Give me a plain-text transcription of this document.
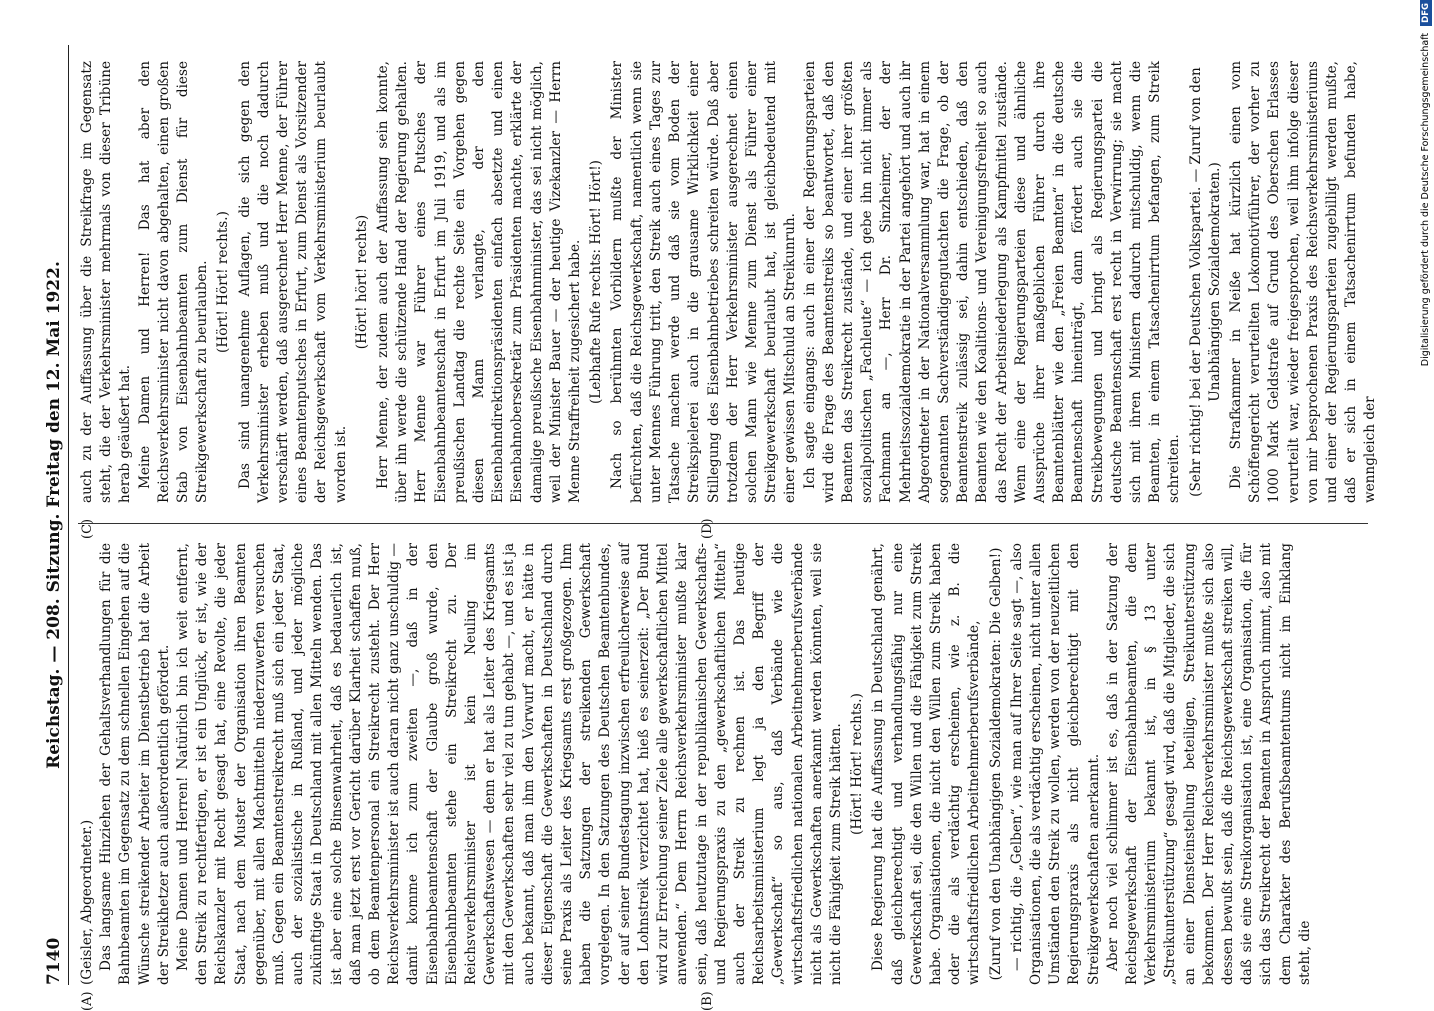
7140
Reichstag. — 208. Sitzung. Freitag den 12. Mai 1922.
(A)	(B)
(C)	(D)

(Geisler, Abgeordneter.) Das langsame Hinziehen der Gehaltsverhandlungen für die Bahnbeamten im Gegensatz zu dem schnellen Eingehen auf die Wünsche streikender Arbeiter im Dienstbetrieb hat die Arbeit der Streikhetzer auch außerordentlich gefördert. Meine Damen und Herren! Natürlich bin ich weit entfernt, den Streik zu rechtfertigen, er ist ein Unglück, er ist, wie der Reichskanzler mit Recht gesagt hat, eine Revolte, die jeder Staat, nach dem Muster der Organisation ihren Beamten gegenüber, mit allen Machtmitteln niederzuwerfen versuchen muß. Gegen ein Beamtenstreikrecht muß sich ein jeder Staat, auch der sozialistische in Rußland, und jeder mögliche zukünftige Staat in Deutschland mit allen Mitteln wenden. Das ist aber eine solche Binsenwahrheit, daß es bedauerlich ist, daß man jetzt erst vor Gericht darüber Klarheit schaffen muß, ob dem Beamtenpersonal ein Streikrecht zusteht. Der Herr Reichsverkehrsminister ist auch daran nicht ganz unschuldig — damit komme ich zum zweiten —, daß in der Eisenbahnbeamtenschaft der Glaube groß wurde, den Eisenbahnbeamten stehe ein Streikrecht zu. Der Reichsverkehrsminister ist kein Neuling im Gewerkschaftswesen — denn er hat als Leiter des Kriegsamts mit den Gewerkschaften sehr viel zu tun gehabt —, und es ist ja auch bekannt, daß man ihm den Vorwurf macht, er hätte in dieser Eigenschaft die Gewerkschaften in Deutschland durch seine Praxis als Leiter des Kriegsamts erst großgezogen. Ihm haben die Satzungen der streikenden Gewerkschaft vorgelegen. In den Satzungen des Deutschen Beamtenbundes, der auf seiner Bundestagung inzwischen erfreulicherweise auf den Lohnstreik verzichtet hat, hieß es seinerzeit: „Der Bund wird zur Erreichung seiner Ziele alle gewerkschaftlichen Mittel anwenden.“ Dem Herrn Reichsverkehrsminister mußte klar sein, daß heutzutage in der republikanischen Gewerkschafts- und Regierungspraxis zu den „gewerkschaftlichen Mitteln“ auch der Streik zu rechnen ist. Das heutige Reichsarbeitsministerium legt ja den Begriff der „Gewerkschaft“ so aus, daß Verbände wie die wirtschaftsfriedlichen nationalen Arbeitnehmerberufsverbände nicht als Gewerkschaften anerkannt werden könnten, weil sie nicht die Fähigkeit zum Streik hätten. (Hört! Hört! rechts.) Diese Regierung hat die Auffassung in Deutschland genährt, daß gleichberechtigt und verhandlungsfähig nur eine Gewerkschaft sei, die den Willen und die Fähigkeit zum Streik habe. Organisationen, die nicht den Willen zum Streik haben oder die als verdächtig erscheinen, wie z. B. die wirtschaftsfriedlichen Arbeitnehmerberufsverbände, (Zuruf von den Unabhängigen Sozialdemokraten: Die Gelben!) — richtig, die „Gelben“, wie man auf Ihrer Seite sagt —, also Organisationen, die als verdächtig erscheinen, nicht unter allen Umständen den Streik zu wollen, werden von der neuzeitlichen Regierungspraxis als nicht gleichberechtigt mit den Streikgewerkschaften anerkannt. Aber noch viel schlimmer ist es, daß in der Satzung der Reichsgewerkschaft der Eisenbahnbeamten, die dem Verkehrsministerium bekannt ist, in § 13 unter „Streikunterstützung“ gesagt wird, daß die Mitglieder, die sich an einer Diensteinstellung beteiligen, Streikunterstützung bekommen. Der Herr Reichsverkehrsminister mußte sich also dessen bewußt sein, daß die Reichsgewerkschaft streiken will, daß sie eine Streikorganisation ist, eine Organisation, die für sich das Streikrecht der Beamten in Anspruch nimmt, also mit dem Charakter des Berufsbeamtentums nicht im Einklang steht, die

auch zu der Auffassung über die Streikfrage im Gegensatz steht, die der Verkehrsminister mehrmals von dieser Tribüne herab geäußert hat. Meine Damen und Herren! Das hat aber den Reichsverkehrsminister nicht davon abgehalten, einen großen Stab von Eisenbahnbeamten zum Dienst für diese Streikgewerkschaft zu beurlauben. (Hört! Hört! rechts.) Das sind unangenehme Auflagen, die sich gegen den Verkehrsminister erheben muß und die noch dadurch verschärft werden, daß ausgerechnet Herr Menne, der Führer eines Beamtenputsches in Erfurt, zum Dienst als Vorsitzender der Reichsgewerkschaft vom Verkehrsministerium beurlaubt worden ist.

(Hört! hört! rechts) Herr Menne, der zudem auch der Auffassung sein konnte, über ihn werde die schützende Hand der Regierung gehalten. Herr Menne war Führer eines Putsches der Eisenbahnbeamtenschaft in Erfurt im Juli 1919, und als im preußischen Landtag die rechte Seite ein Vorgehen gegen diesen Mann verlangte, der den Eisenbahndirektionspräsidenten einfach absetzte und einen Eisenbahnobersekretär zum Präsidenten machte, erklärte der damalige preußische Eisenbahnminister, das sei nicht möglich, weil der Minister Bauer — der heutige Vizekanzler — Herrn Menne Straffreiheit zugesichert habe. (Lebhafte Rufe rechts: Hört! Hört!) Nach so berühmten Vorbildern mußte der Minister befürchten, daß die Reichsgewerkschaft, namentlich wenn sie unter Mennes Führung tritt, den Streik auch eines Tages zur Tatsache machen werde und daß sie vom Boden der Streikspielerei auch in die grausame Wirklichkeit einer Stillegung des Eisenbahnbetriebes schreiten würde. Daß aber trotzdem der Herr Verkehrsminister ausgerechnet einen solchen Mann wie Menne zum Dienst als Führer einer Streikgewerkschaft beurlaubt hat, ist gleichbedeutend mit einer gewissen Mitschuld an Streikunruh. Ich sagte eingangs: auch in einer der Regierungsparteien wird die Frage des Beamtenstreiks so beantwortet, daß den Beamten das Streikrecht zustände, und einer ihrer größten sozialpolitischen „Fachleute“ — ich gebe ihn nicht immer als Fachmann an —, Herr Dr. Sinzheimer, der der Mehrheitssozialdemokratie in der Partei angehört und auch ihr Abgeordneter in der Nationalversammlung war, hat in einem sogenannten Sachverständigengutachten die Frage, ob der Beamtenstreik zulässig sei, dahin entschieden, daß den Beamten wie den Koalitions- und Vereinigungsfreiheit so auch das Recht der Arbeitsniederlegung als Kampfmittel zustände. Wenn eine der Regierungsparteien diese und ähnliche Aussprüche ihrer maßgeblichen Führer durch ihre Beamtenblätter wie den „Freien Beamten“ in die deutsche Beamtenschaft hineinträgt, dann fördert auch sie die Streikbewegungen und bringt als Regierungspartei die deutsche Beamtenschaft erst recht in Verwirrung; sie macht sich mit ihren Ministern dadurch mitschuldig, wenn die Beamten, in einem Tatsachenirrtum befangen, zum Streik schreiten. (Sehr richtig! bei der Deutschen Volkspartei. — Zuruf von den Unabhängigen Sozialdemokraten.) Die Strafkammer in Neiße hat kürzlich einen vom Schöffengericht verurteilten Lokomotivführer, der vorher zu 1000 Mark Geldstrafe auf Grund des Oberschen Erlasses verurteilt war, wieder freigesprochen, weil ihm infolge dieser von mir besprochenen Praxis des Reichsverkehrsministeriums und einer der Regierungsparteien zugebilligt werden mußte, daß er sich in einem Tatsachenirrtum befunden habe, wenngleich der

Digitalisierung gefördert durch die Deutsche Forschungsgemeinschaft DFG
